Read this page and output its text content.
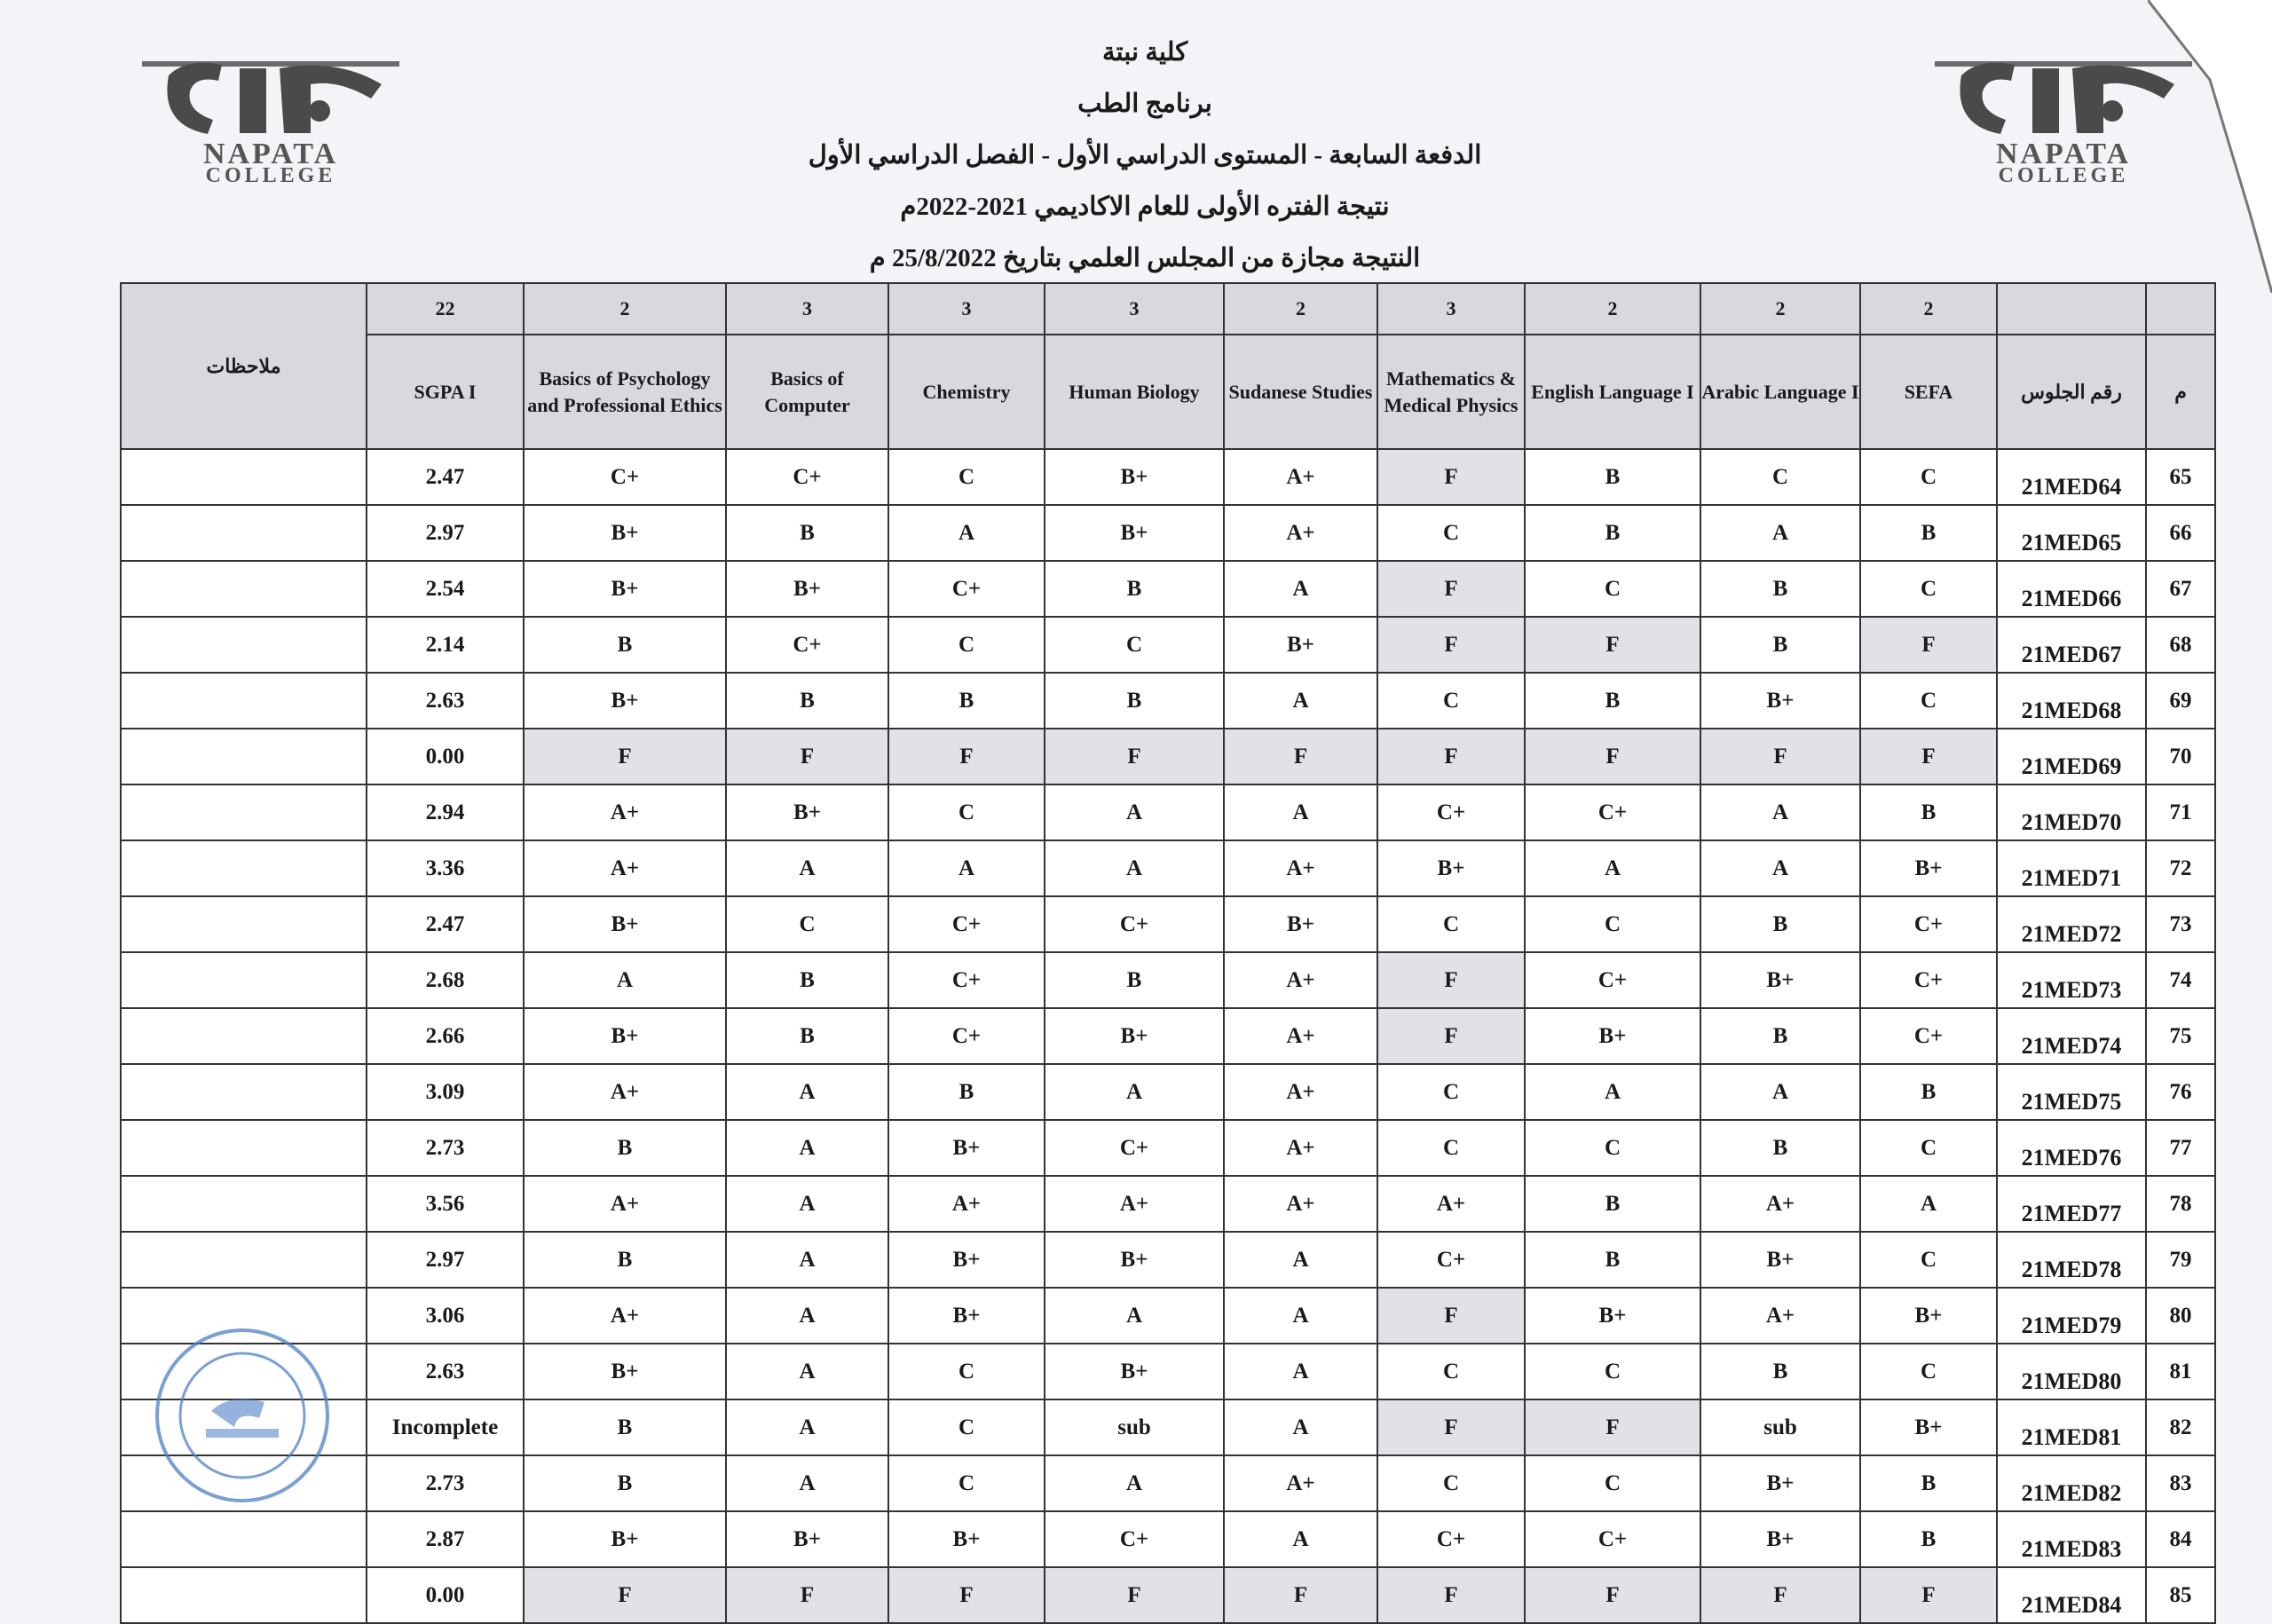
NAPATA
COLLEGE
NAPATA
COLLEGE
كلية نبتة
برنامج الطب
الدفعة السابعة - المستوى الدراسي الأول - الفصل الدراسي الأول
نتيجة الفتره الأولى للعام الاكاديمي 2021-2022م
النتيجة مجازة من المجلس العلمي بتاريخ 25/8/2022 م
ملاحظات	22	2	3	3	3	2	3	2	2	2		
	SGPA I	Basics of Psychology and Professional Ethics	Basics of Computer	Chemistry	Human Biology	Sudanese Studies	Mathematics & Medical Physics	English Language I	Arabic Language I	SEFA	رقم الجلوس	م
	2.47	C+	C+	C	B+	A+	F	B	C	C	21MED64	65
	2.97	B+	B	A	B+	A+	C	B	A	B	21MED65	66
	2.54	B+	B+	C+	B	A	F	C	B	C	21MED66	67
	2.14	B	C+	C	C	B+	F	F	B	F	21MED67	68
	2.63	B+	B	B	B	A	C	B	B+	C	21MED68	69
	0.00	F	F	F	F	F	F	F	F	F	21MED69	70
	2.94	A+	B+	C	A	A	C+	C+	A	B	21MED70	71
	3.36	A+	A	A	A	A+	B+	A	A	B+	21MED71	72
	2.47	B+	C	C+	C+	B+	C	C	B	C+	21MED72	73
	2.68	A	B	C+	B	A+	F	C+	B+	C+	21MED73	74
	2.66	B+	B	C+	B+	A+	F	B+	B	C+	21MED74	75
	3.09	A+	A	B	A	A+	C	A	A	B	21MED75	76
	2.73	B	A	B+	C+	A+	C	C	B	C	21MED76	77
	3.56	A+	A	A+	A+	A+	A+	B	A+	A	21MED77	78
	2.97	B	A	B+	B+	A	C+	B	B+	C	21MED78	79
	3.06	A+	A	B+	A	A	F	B+	A+	B+	21MED79	80
	2.63	B+	A	C	B+	A	C	C	B	C	21MED80	81
	Incomplete	B	A	C	sub	A	F	F	sub	B+	21MED81	82
	2.73	B	A	C	A	A+	C	C	B+	B	21MED82	83
	2.87	B+	B+	B+	C+	A	C+	C+	B+	B	21MED83	84
	0.00	F	F	F	F	F	F	F	F	F	21MED84	85
